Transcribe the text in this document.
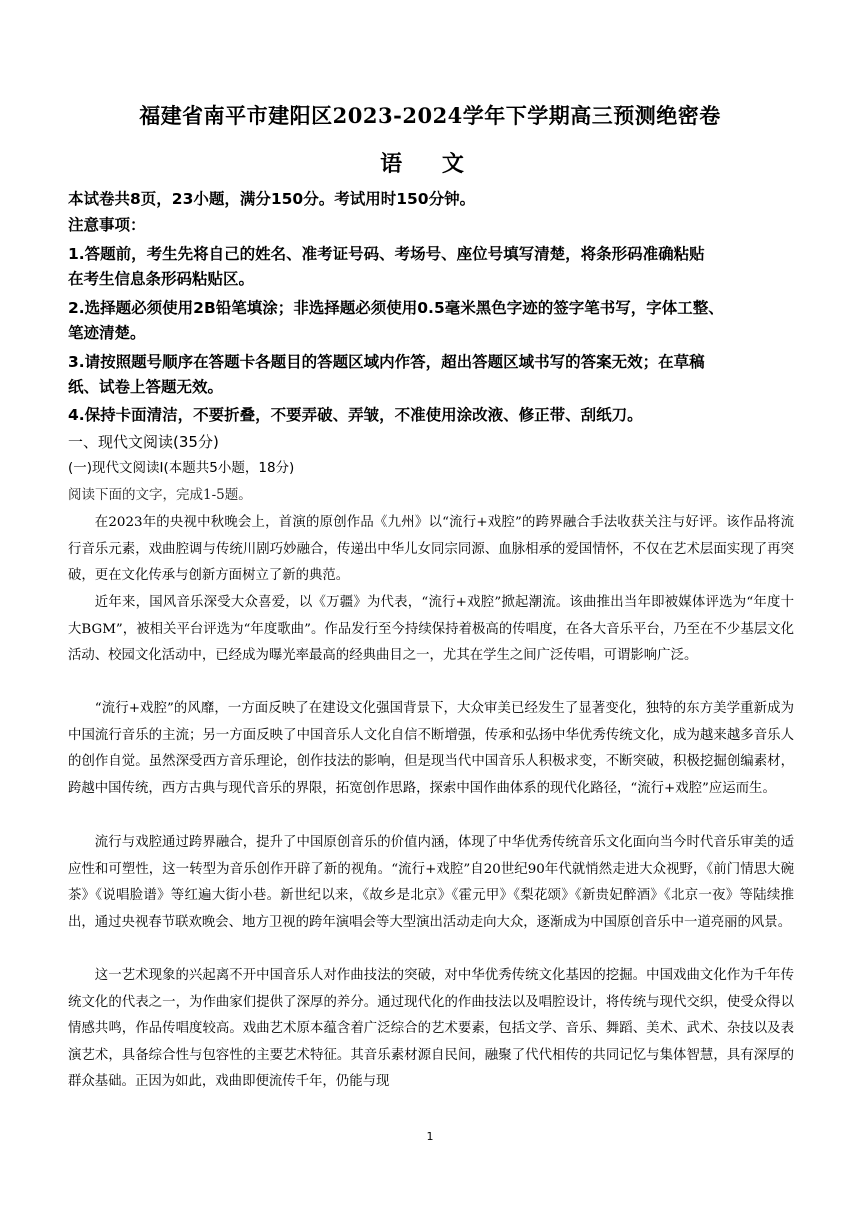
福建省南平市建阳区2023-2024学年下学期高三预测绝密卷
语 文
本试卷共8页，23小题，满分150分。考试用时150分钟。
注意事项：
1.答题前，考生先将自己的姓名、准考证号码、考场号、座位号填写清楚，将条形码准确粘贴
在考生信息条形码粘贴区。
2.选择题必须使用2B铅笔填涂；非选择题必须使用0.5毫米黑色字迹的签字笔书写，字体工整、
笔迹清楚。
3.请按照题号顺序在答题卡各题目的答题区域内作答，超出答题区域书写的答案无效；在草稿
纸、试卷上答题无效。
4.保持卡面清洁，不要折叠，不要弄破、弄皱，不准使用涂改液、修正带、刮纸刀。
一、现代文阅读(35分)
(一)现代文阅读Ⅰ(本题共5小题，18分)
阅读下面的文字，完成1-5题。
在2023年的央视中秋晚会上，首演的原创作品《九州》以“流行+戏腔”的跨界融合手法收获关注与好评。该作品将流行音乐元素，戏曲腔调与传统川剧巧妙融合，传递出中华儿女同宗同源、血脉相承的爱国情怀，不仅在艺术层面实现了再突破，更在文化传承与创新方面树立了新的典范。
近年来，国风音乐深受大众喜爱，以《万疆》为代表，“流行+戏腔”掀起潮流。该曲推出当年即被媒体评选为“年度十大BGM”，被相关平台评选为“年度歌曲”。作品发行至今持续保持着极高的传唱度，在各大音乐平台，乃至在不少基层文化活动、校园文化活动中，已经成为曝光率最高的经典曲目之一，尤其在学生之间广泛传唱，可谓影响广泛。
“流行+戏腔”的风靡，一方面反映了在建设文化强国背景下，大众审美已经发生了显著变化，独特的东方美学重新成为中国流行音乐的主流；另一方面反映了中国音乐人文化自信不断增强，传承和弘扬中华优秀传统文化，成为越来越多音乐人的创作自觉。虽然深受西方音乐理论，创作技法的影响，但是现当代中国音乐人积极求变，不断突破，积极挖掘创编素材，跨越中国传统，西方古典与现代音乐的界限，拓宽创作思路，探索中国作曲体系的现代化路径，“流行+戏腔”应运而生。
流行与戏腔通过跨界融合，提升了中国原创音乐的价值内涵，体现了中华优秀传统音乐文化面向当今时代音乐审美的适应性和可塑性，这一转型为音乐创作开辟了新的视角。“流行+戏腔”自20世纪90年代就悄然走进大众视野，《前门情思大碗茶》《说唱脸谱》等红遍大街小巷。新世纪以来，《故乡是北京》《霍元甲》《梨花颂》《新贵妃醉酒》《北京一夜》等陆续推出，通过央视春节联欢晚会、地方卫视的跨年演唱会等大型演出活动走向大众，逐渐成为中国原创音乐中一道亮丽的风景。
这一艺术现象的兴起离不开中国音乐人对作曲技法的突破，对中华优秀传统文化基因的挖掘。中国戏曲文化作为千年传统文化的代表之一，为作曲家们提供了深厚的养分。通过现代化的作曲技法以及唱腔设计，将传统与现代交织，使受众得以情感共鸣，作品传唱度较高。戏曲艺术原本蕴含着广泛综合的艺术要素，包括文学、音乐、舞蹈、美术、武术、杂技以及表演艺术，具备综合性与包容性的主要艺术特征。其音乐素材源自民间，融聚了代代相传的共同记忆与集体智慧，具有深厚的群众基础。正因为如此，戏曲即便流传千年，仍能与现
1
